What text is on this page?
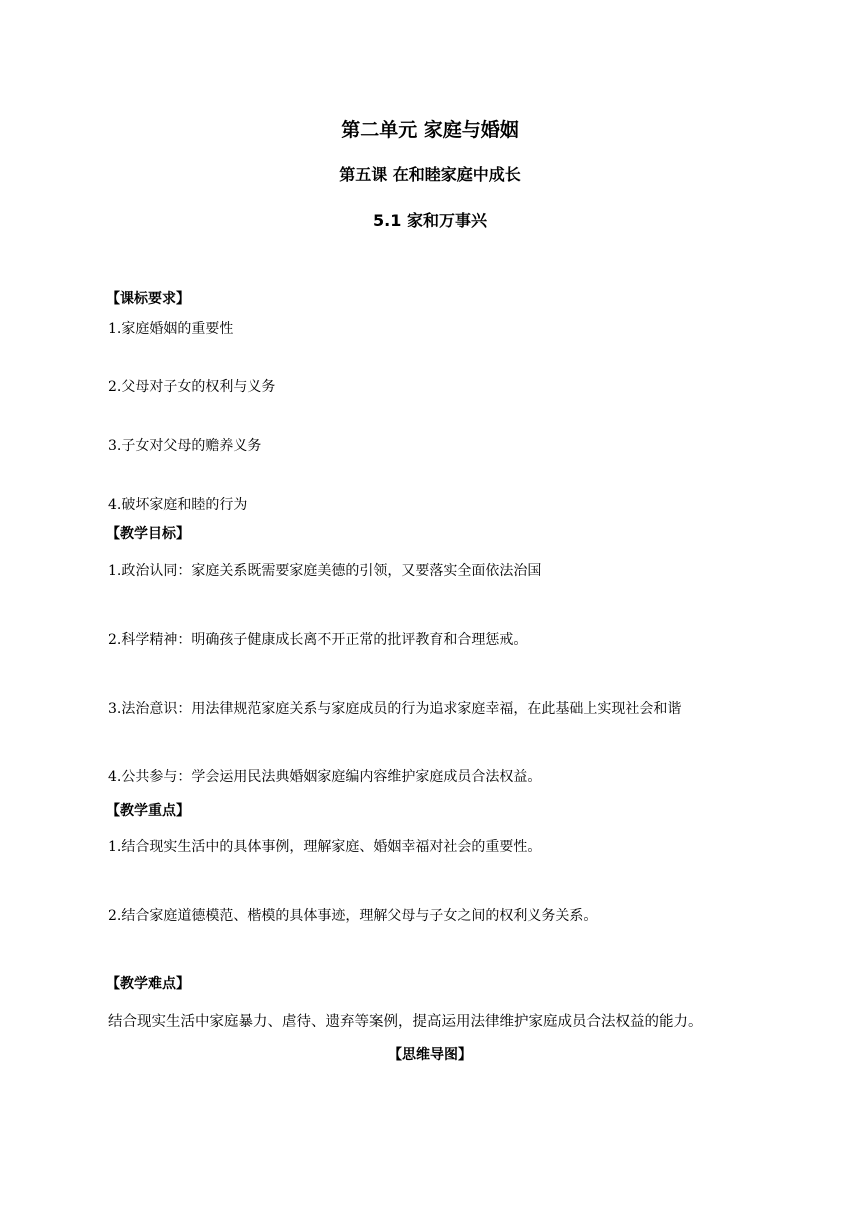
第二单元 家庭与婚姻
第五课 在和睦家庭中成长
5.1 家和万事兴
【课标要求】
1.家庭婚姻的重要性
2.父母对子女的权利与义务
3.子女对父母的赡养义务
4.破坏家庭和睦的行为
【教学目标】
1.政治认同：家庭关系既需要家庭美德的引领，又要落实全面依法治国
2.科学精神：明确孩子健康成长离不开正常的批评教育和合理惩戒。
3.法治意识：用法律规范家庭关系与家庭成员的行为追求家庭幸福，在此基础上实现社会和谐
4.公共参与：学会运用民法典婚姻家庭编内容维护家庭成员合法权益。
【教学重点】
1.结合现实生活中的具体事例，理解家庭、婚姻幸福对社会的重要性。
2.结合家庭道德模范、楷模的具体事迹，理解父母与子女之间的权利义务关系。
【教学难点】
结合现实生活中家庭暴力、虐待、遗弃等案例，提高运用法律维护家庭成员合法权益的能力。
【思维导图】
